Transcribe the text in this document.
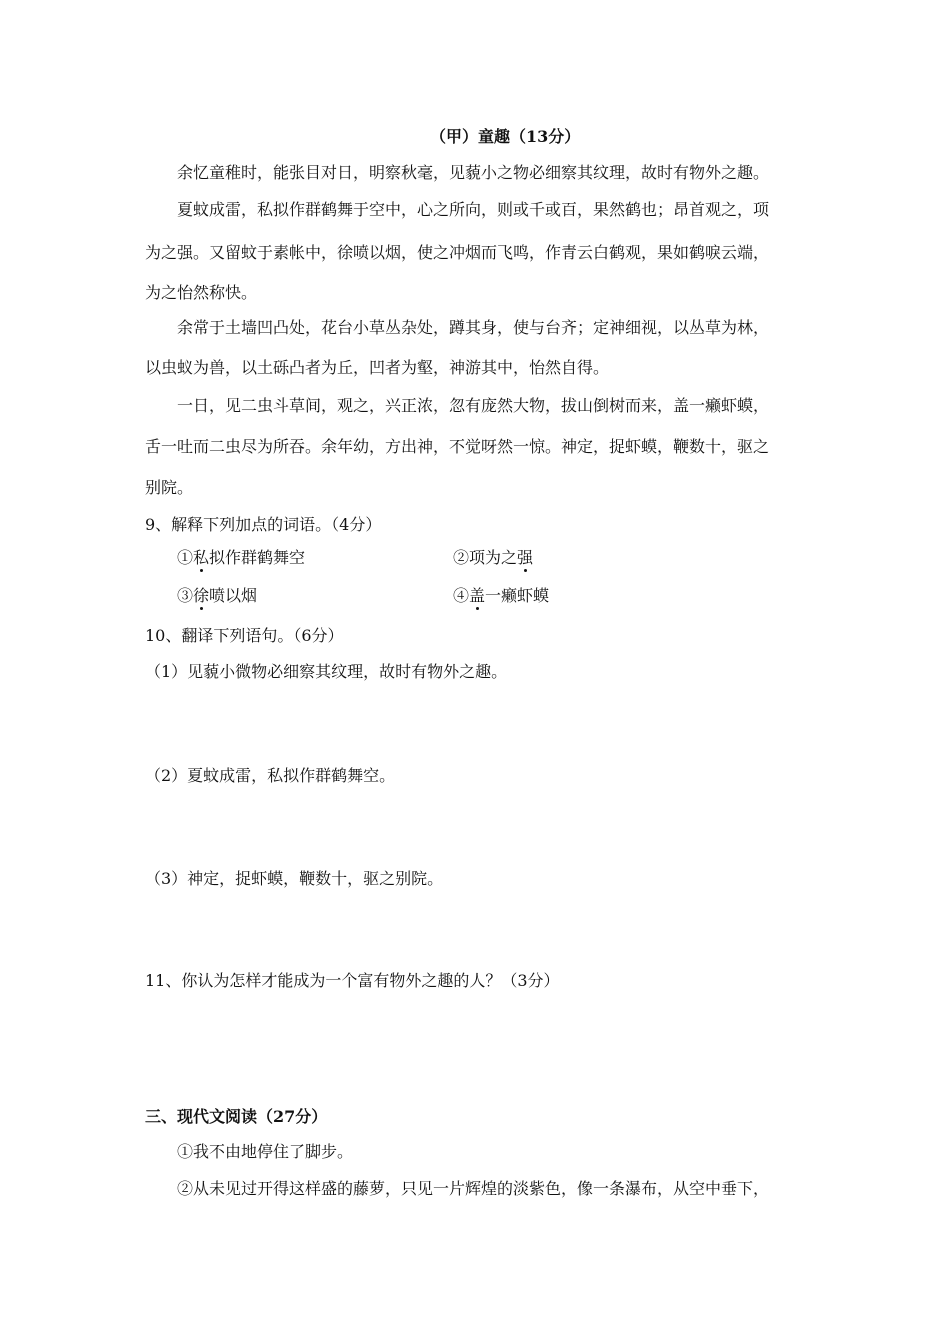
（甲）童趣（13分）
余忆童稚时，能张目对日，明察秋毫，见藐小之物必细察其纹理，故时有物外之趣。
夏蚊成雷，私拟作群鹤舞于空中，心之所向，则或千或百，果然鹤也；昂首观之，项
为之强。又留蚊于素帐中，徐喷以烟，使之冲烟而飞鸣，作青云白鹤观，果如鹤唳云端，
为之怡然称快。
余常于土墙凹凸处，花台小草丛杂处，蹲其身，使与台齐；定神细视，以丛草为林，
以虫蚁为兽，以土砾凸者为丘，凹者为壑，神游其中，怡然自得。
一日，见二虫斗草间，观之，兴正浓，忽有庞然大物，拔山倒树而来，盖一癞虾蟆，
舌一吐而二虫尽为所吞。余年幼，方出神，不觉呀然一惊。神定，捉虾蟆，鞭数十，驱之
别院。
9、解释下列加点的词语。（4分）
①私拟作群鹤舞空	②项为之强
③徐喷以烟	④盖一癞虾蟆
10、翻译下列语句。（6分）
（1）见藐小微物必细察其纹理，故时有物外之趣。
（2）夏蚊成雷，私拟作群鹤舞空。
（3）神定，捉虾蟆，鞭数十，驱之别院。
11、你认为怎样才能成为一个富有物外之趣的人？（3分）
三、现代文阅读（27分）
①我不由地停住了脚步。
②从未见过开得这样盛的藤萝，只见一片辉煌的淡紫色，像一条瀑布，从空中垂下，
